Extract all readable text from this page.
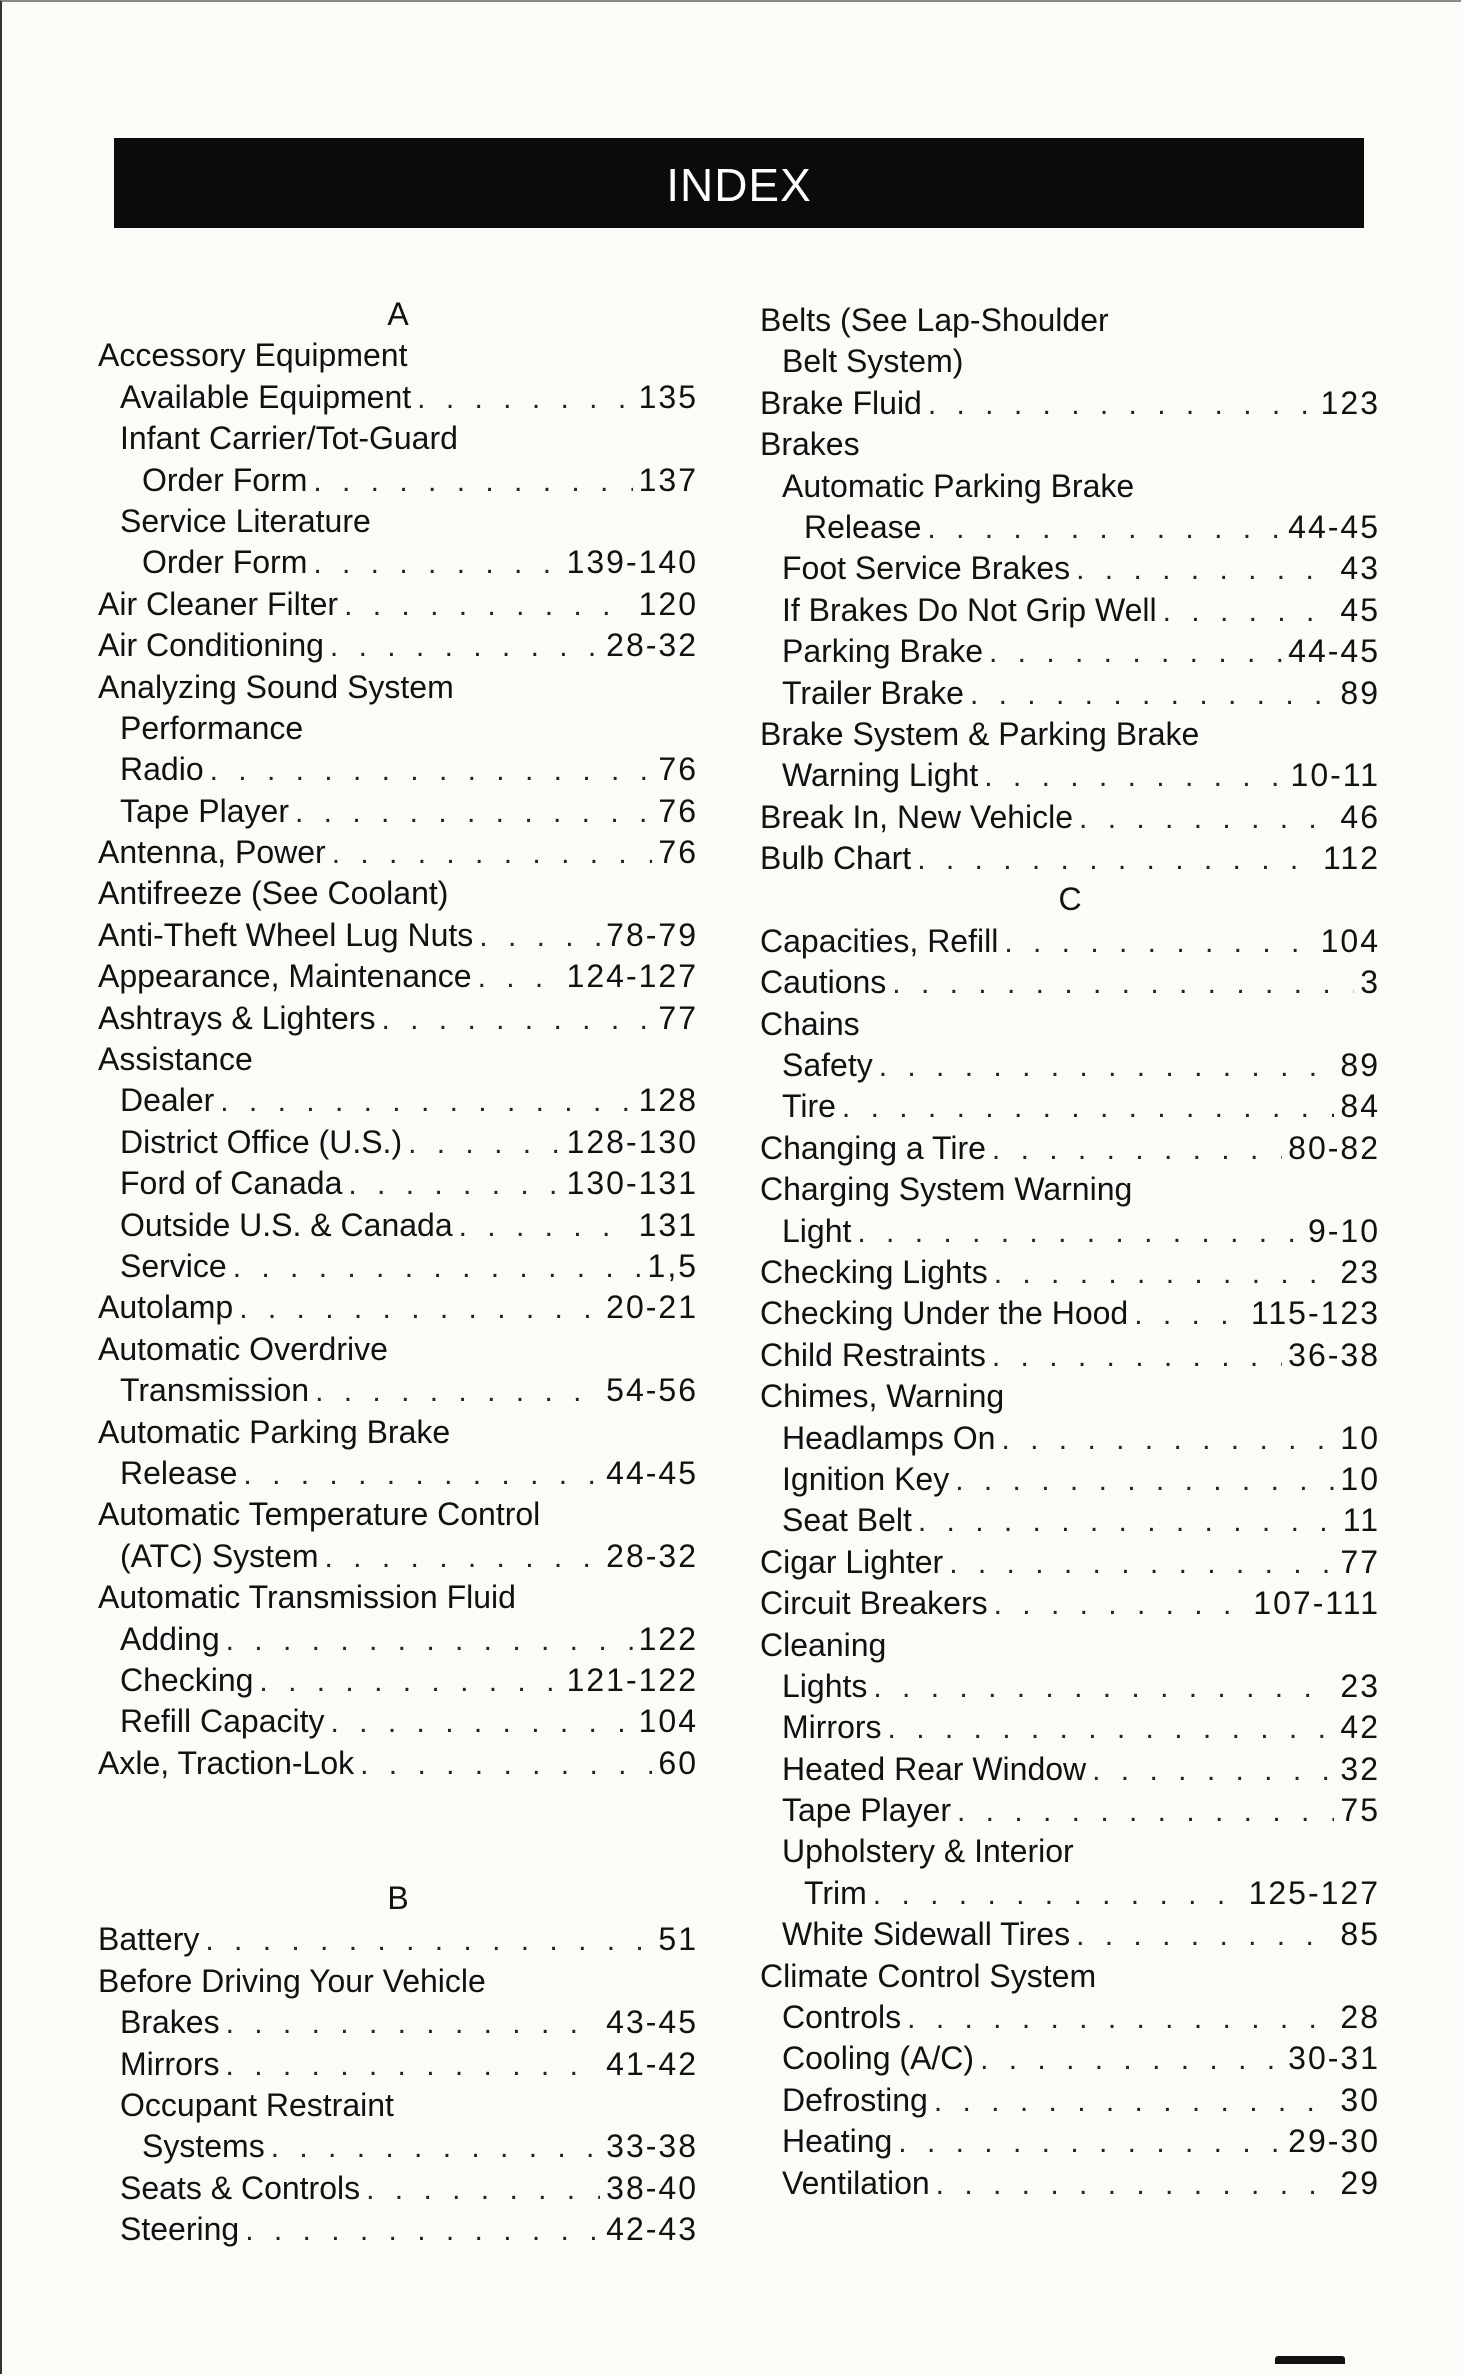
INDEX
A
Accessory Equipment
Available Equipment . . .	135
Infant Carrier/Tot-Guard
Order Form . . .	137
Service Literature
Order Form . . .	139-140
Air Cleaner Filter . . .	120
Air Conditioning . . .	28-32
Analyzing Sound System
Performance
Radio . . .	76
Tape Player . . .	76
Antenna, Power . . .	76
Antifreeze (See Coolant)
Anti-Theft Wheel Lug Nuts . . .	78-79
Appearance, Maintenance . . .	124-127
Ashtrays & Lighters . . .	77
Assistance
Dealer . . .	128
District Office (U.S.) . . .	128-130
Ford of Canada . . .	130-131
Outside U.S. & Canada . . .	131
Service . . .	1,5
Autolamp . . .	20-21
Automatic Overdrive
Transmission . . .	54-56
Automatic Parking Brake
Release . . .	44-45
Automatic Temperature Control
(ATC) System . . .	28-32
Automatic Transmission Fluid
Adding . . .	122
Checking . . .	121-122
Refill Capacity . . .	104
Axle, Traction-Lok . . .	60
B
Battery . . .	51
Before Driving Your Vehicle
Brakes . . .	43-45
Mirrors . . .	41-42
Occupant Restraint
Systems . . .	33-38
Seats & Controls . . .	38-40
Steering . . .	42-43
Belts (See Lap-Shoulder
Belt System)
Brake Fluid . . .	123
Brakes
Automatic Parking Brake
Release . . .	44-45
Foot Service Brakes . . .	43
If Brakes Do Not Grip Well . . .	45
Parking Brake . . .	44-45
Trailer Brake . . .	89
Brake System & Parking Brake
Warning Light . . .	10-11
Break In, New Vehicle . . .	46
Bulb Chart . . .	112
C
Capacities, Refill . . .	104
Cautions . . .	3
Chains
Safety . . .	89
Tire . . .	84
Changing a Tire . . .	80-82
Charging System Warning
Light . . .	9-10
Checking Lights . . .	23
Checking Under the Hood . . .	115-123
Child Restraints . . .	36-38
Chimes, Warning
Headlamps On . . .	10
Ignition Key . . .	10
Seat Belt . . .	11
Cigar Lighter . . .	77
Circuit Breakers . . .	107-111
Cleaning
Lights . . .	23
Mirrors . . .	42
Heated Rear Window . . .	32
Tape Player . . .	75
Upholstery & Interior
Trim . . .	125-127
White Sidewall Tires . . .	85
Climate Control System
Controls . . .	28
Cooling (A/C) . . .	30-31
Defrosting . . .	30
Heating . . .	29-30
Ventilation . . .	29
